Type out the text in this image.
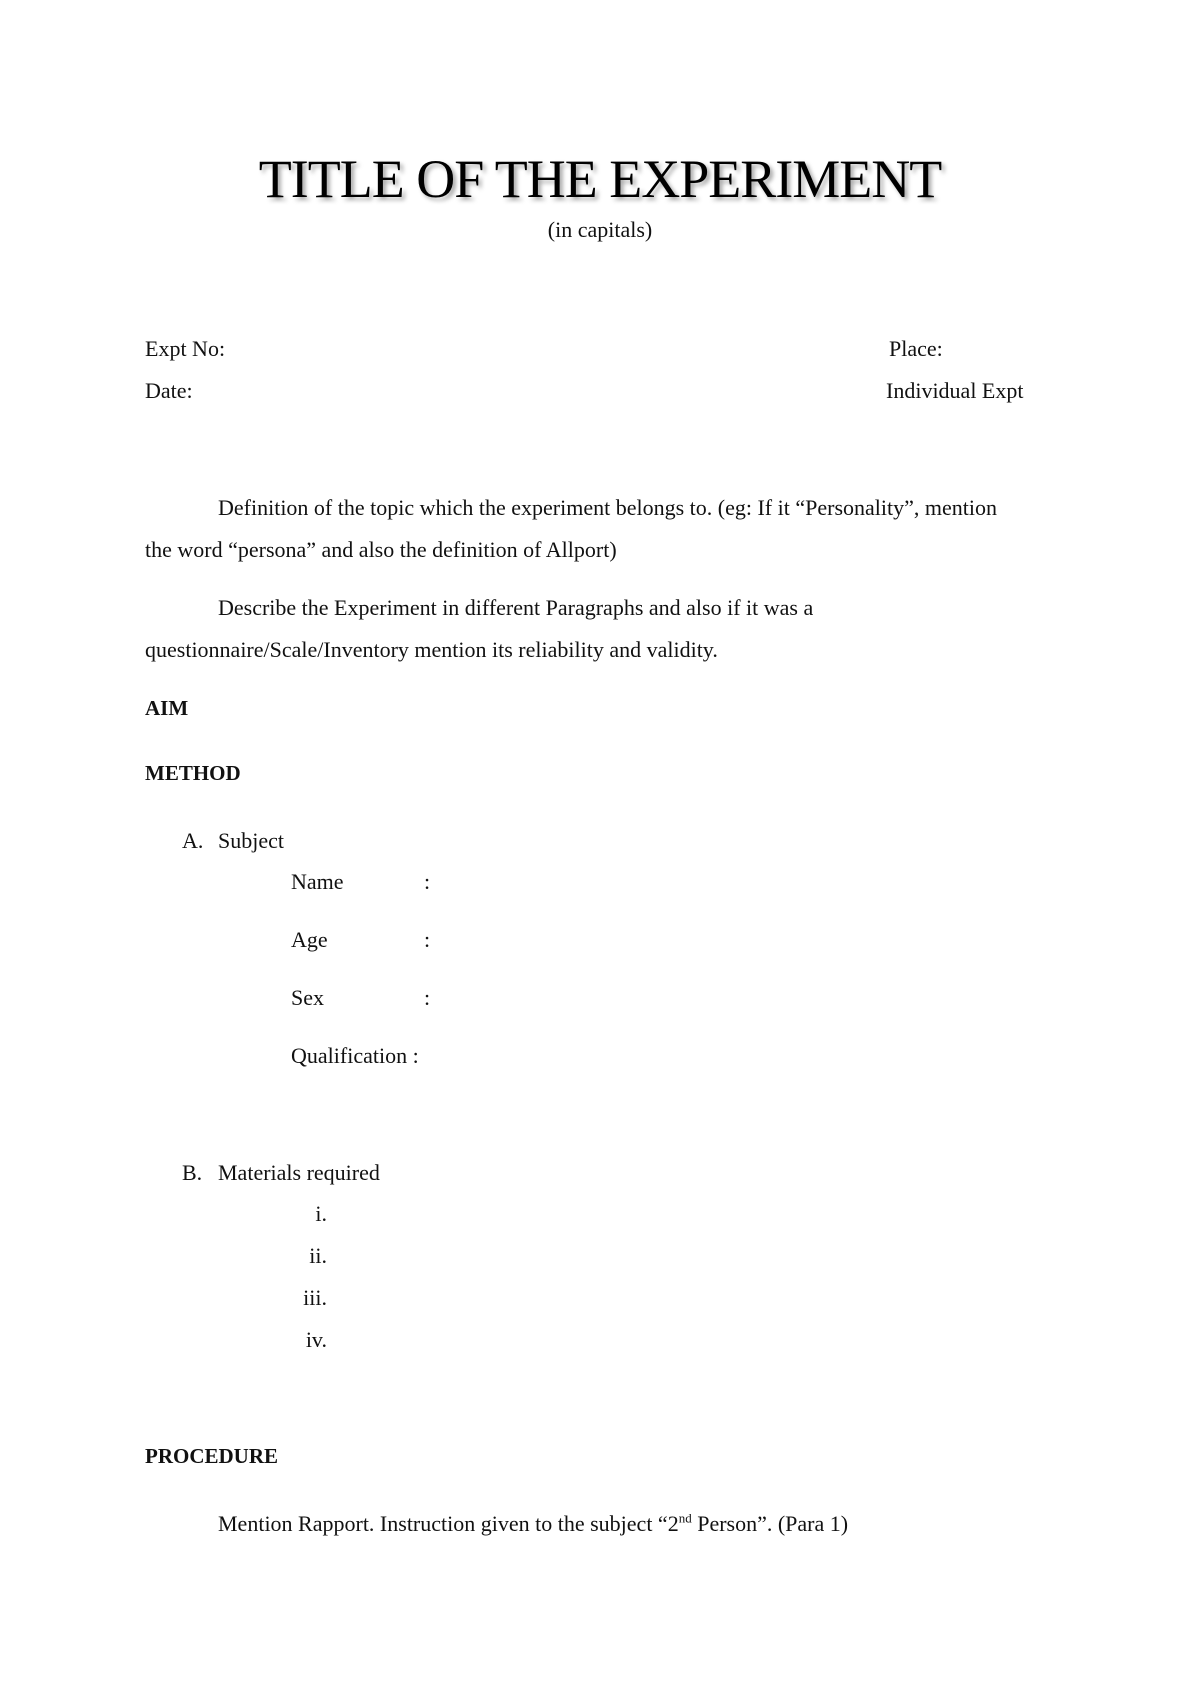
TITLE OF THE EXPERIMENT
(in capitals)
Expt No:	Place:
Date:	Individual Expt
Definition of the topic which the experiment belongs to. (eg: If it “Personality”, mention the word “persona” and also the definition of Allport)
Describe the Experiment in different Paragraphs and also if it was a questionnaire/Scale/Inventory mention its reliability and validity.
AIM
METHOD
A. Subject
Name	:
Age	:
Sex	:
Qualification :
B. Materials required
i.
ii.
iii.
iv.
PROCEDURE
Mention Rapport. Instruction given to the subject “2nd Person”. (Para 1)
